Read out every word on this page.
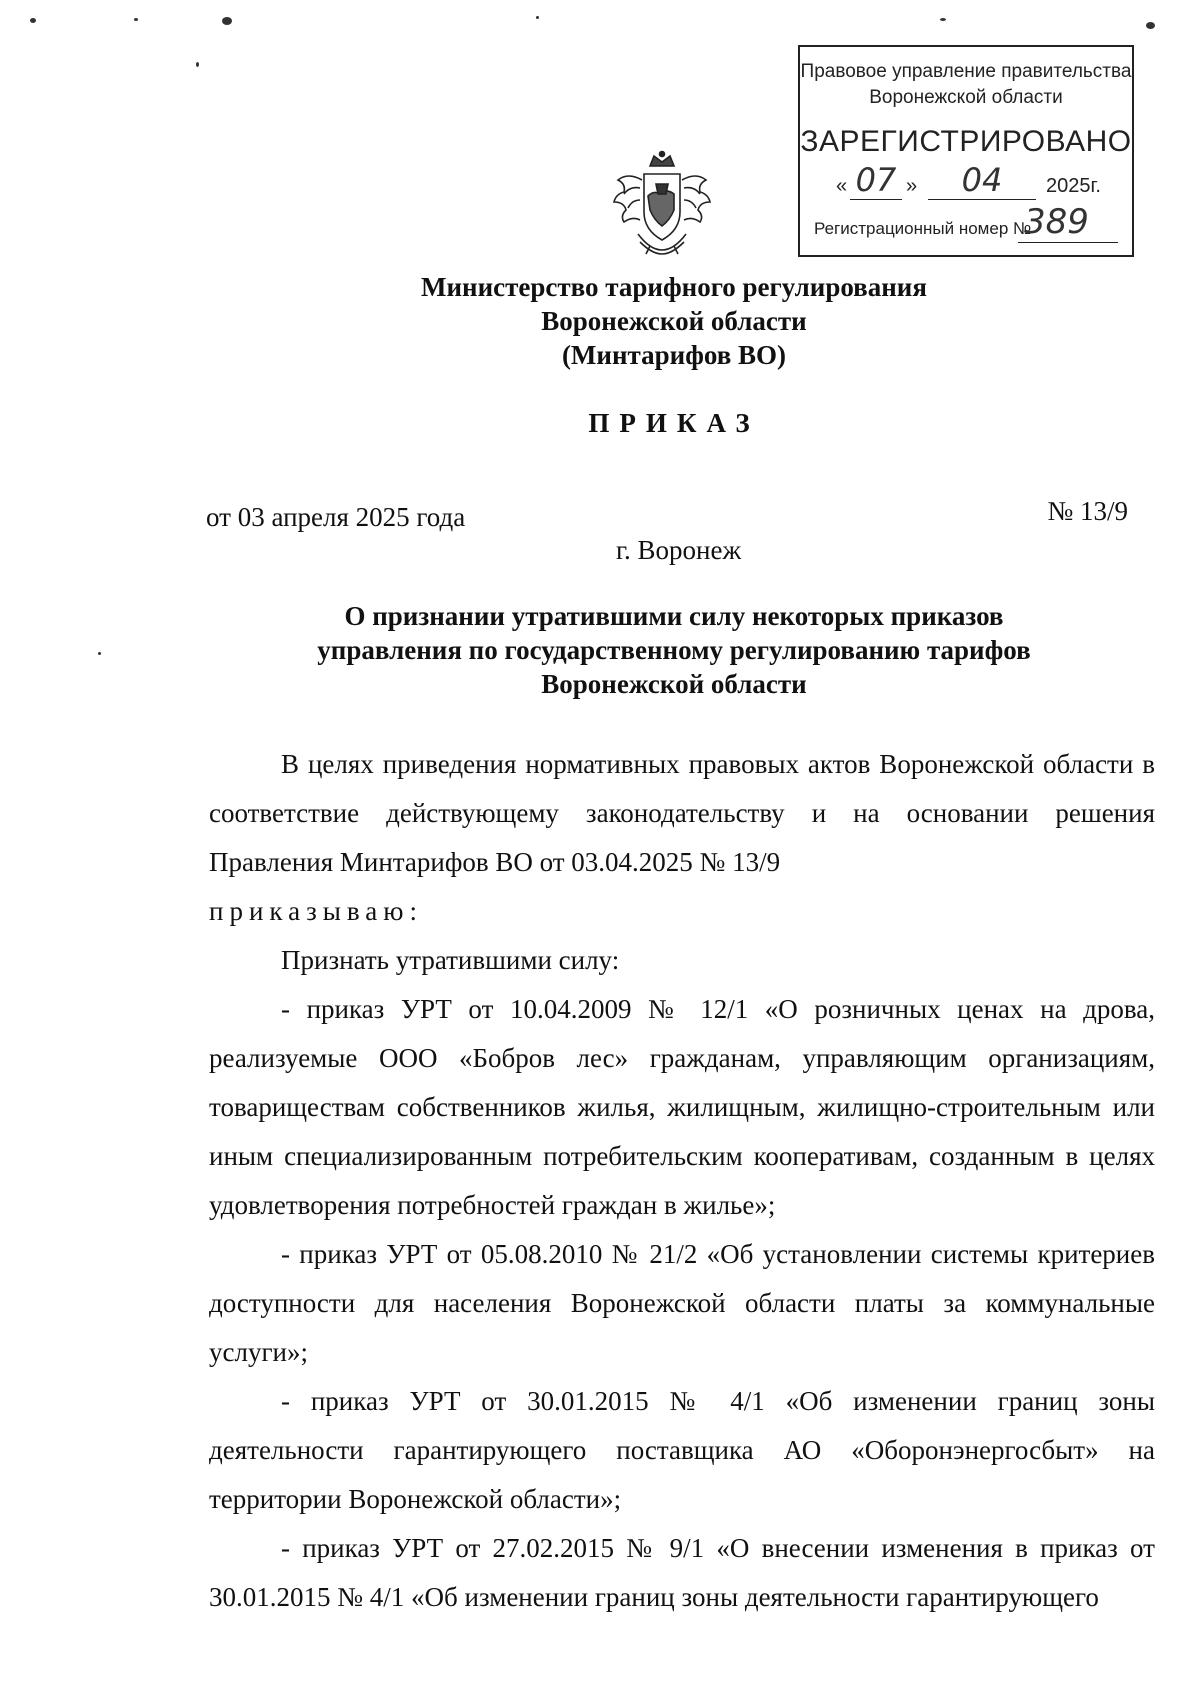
Правовое управление правительства
Воронежской области
ЗАРЕГИСТРИРОВАНО
« 07 »	04	2025г.
Регистрационный номер №
389
Министерство тарифного регулирования
Воронежской области
(Минтарифов ВО)
ПРИКАЗ
от 03 апреля 2025 года	№ 13/9
г. Воронеж
О признании утратившими силу некоторых приказов
управления по государственному регулированию тарифов
Воронежской области

В целях приведения нормативных правовых актов Воронежской области в соответствие действующему законодательству и на основании решения Правления Минтарифов ВО от 03.04.2025 № 13/9

приказываю:

Признать утратившими силу:

- приказ УРТ от 10.04.2009 № 12/1 «О розничных ценах на дрова, реализуемые ООО «Бобров лес» гражданам, управляющим организациям, товариществам собственников жилья, жилищным, жилищно-строительным или иным специализированным потребительским кооперативам, созданным в целях удовлетворения потребностей граждан в жилье»;

- приказ УРТ от 05.08.2010 № 21/2 «Об установлении системы критериев доступности для населения Воронежской области платы за коммунальные услуги»;

- приказ УРТ от 30.01.2015 № 4/1 «Об изменении границ зоны деятельности гарантирующего поставщика АО «Оборонэнергосбыт» на территории Воронежской области»;

- приказ УРТ от 27.02.2015 № 9/1 «О внесении изменения в приказ от 30.01.2015 № 4/1 «Об изменении границ зоны деятельности гарантирующего
